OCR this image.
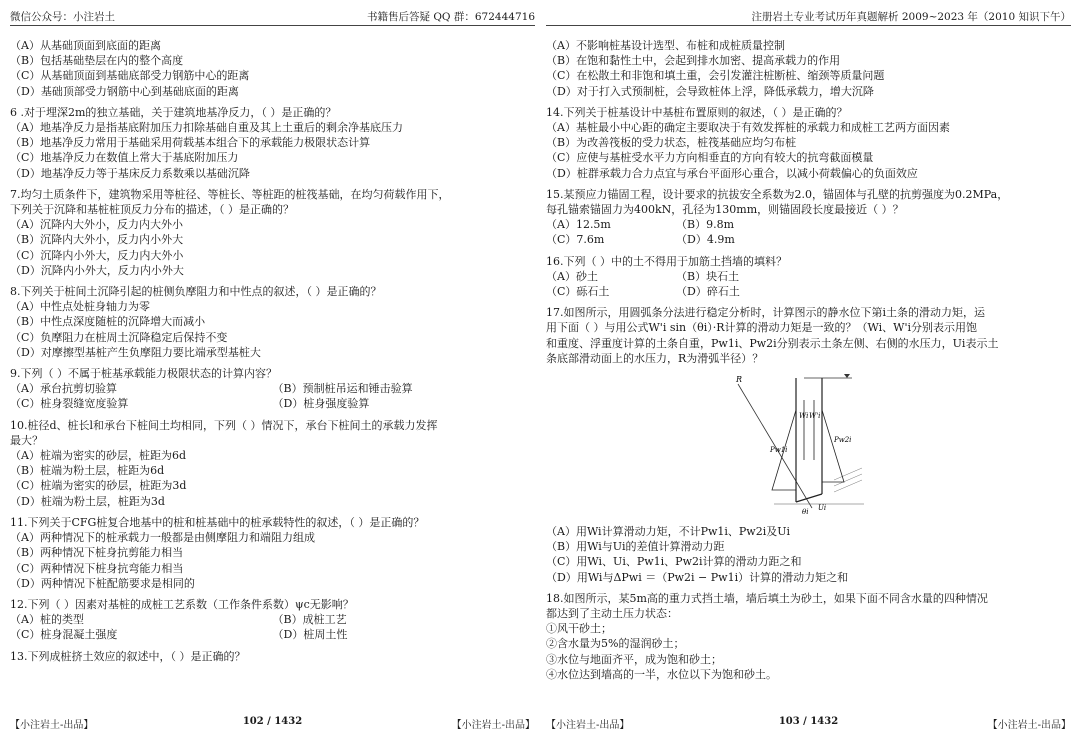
微信公众号：小注岩土	书籍售后答疑 QQ 群：672444716
（A）从基础顶面到底面的距离
（B）包括基础垫层在内的整个高度
（C）从基础顶面到基础底部受力钢筋中心的距离
（D）基础顶部受力钢筋中心到基础底面的距离
6 .对于埋深2m的独立基础，关于建筑地基净反力，（ ）是正确的？
（A）地基净反力是指基底附加压力扣除基础自重及其上土重后的剩余净基底压力
（B）地基净反力常用于基础采用荷载基本组合下的承载能力极限状态计算
（C）地基净反力在数值上常大于基底附加压力
（D）地基净反力等于基床反力系数乘以基础沉降
7.均匀土质条件下，建筑物采用等桩径、等桩长、等桩距的桩筏基础，在均匀荷载作用下，
下列关于沉降和基桩桩顶反力分布的描述，（ ）是正确的？
（A）沉降内大外小，反力内大外小
（B）沉降内大外小，反力内小外大
（C）沉降内小外大，反力内大外小
（D）沉降内小外大，反力内小外大
8.下列关于桩间土沉降引起的桩侧负摩阻力和中性点的叙述，（ ）是正确的？
（A）中性点处桩身轴力为零
（B）中性点深度随桩的沉降增大而减小
（C）负摩阻力在桩周土沉降稳定后保持不变
（D）对摩擦型基桩产生负摩阻力要比端承型基桩大
9.下列（ ）不属于桩基承载能力极限状态的计算内容？
（A）承台抗剪切验算	（B）预制桩吊运和锤击验算
（C）桩身裂缝宽度验算	（D）桩身强度验算
10.桩径d、桩长l和承台下桩间土均相同，下列（ ）情况下，承台下桩间土的承载力发挥
最大？
（A）桩端为密实的砂层，桩距为6d
（B）桩端为粉土层，桩距为6d
（C）桩端为密实的砂层，桩距为3d
（D）桩端为粉土层，桩距为3d
11.下列关于CFG桩复合地基中的桩和桩基础中的桩承载特性的叙述，（ ）是正确的？
（A）两种情况下的桩承载力一般都是由侧摩阻力和端阻力组成
（B）两种情况下桩身抗剪能力相当
（C）两种情况下桩身抗弯能力相当
（D）两种情况下桩配筋要求是相同的
12.下列（ ）因素对基桩的成桩工艺系数（工作条件系数）ψc无影响？
（A）桩的类型	（B）成桩工艺
（C）桩身混凝土强度	（D）桩周土性
13.下列成桩挤土效应的叙述中，（ ）是正确的？
【小注岩土-出品】	102 / 1432	【小注岩土-出品】
注册岩土专业考试历年真题解析 2009~2023 年（2010 知识下午）
（A）不影响桩基设计选型、布桩和成桩质量控制
（B）在饱和黏性土中，会起到排水加密、提高承载力的作用
（C）在松散土和非饱和填土重，会引发灌注桩断桩、缩颈等质量问题
（D）对于打入式预制桩，会导致桩体上浮，降低承载力，增大沉降
14.下列关于桩基设计中基桩布置原则的叙述，（ ）是正确的？
（A）基桩最小中心距的确定主要取决于有效发挥桩的承载力和成桩工艺两方面因素
（B）为改善筏板的受力状态，桩筏基础应均匀布桩
（C）应使与基桩受水平力方向相垂直的方向有较大的抗弯截面模量
（D）桩群承载力合力点宜与承台平面形心重合，以减小荷载偏心的负面效应
15.某预应力锚固工程，设计要求的抗拔安全系数为2.0，锚固体与孔壁的抗剪强度为0.2MPa，
每孔锚索锚固力为400kN，孔径为130mm，则锚固段长度最接近（ ）？
（A）12.5m	（B）9.8m
（C）7.6m	（D）4.9m
16.下列（ ）中的土不得用于加筋土挡墙的填料？
（A）砂土	（B）块石土
（C）砾石土	（D）碎石土
17.如图所示，用圆弧条分法进行稳定分析时，计算图示的静水位下第i土条的滑动力矩，运
用下面（ ）与用公式W'i sin（θi）·R计算的滑动力矩是一致的？（Wi、W'i分别表示用饱
和重度、浮重度计算的土条自重，Pw1i、Pw2i分别表示土条左侧、右侧的水压力，Ui表示土
条底部滑动面上的水压力，R为滑弧半径）？
R
Wi W'i
Pw1i
Pw2i
θi Ui
（A）用Wi计算滑动力矩，不计Pw1i、Pw2i及Ui
（B）用Wi与Ui的差值计算滑动力距
（C）用Wi、Ui、Pw1i、Pw2i计算的滑动力距之和
（D）用Wi与ΔPwi ＝（Pw2i − Pw1i）计算的滑动力矩之和
18.如图所示，某5m高的重力式挡土墙，墙后填土为砂土，如果下面不同含水量的四种情况
都达到了主动土压力状态：
①风干砂土；
②含水量为5%的湿润砂土；
③水位与地面齐平，成为饱和砂土；
④水位达到墙高的一半，水位以下为饱和砂土。
【小注岩土-出品】	103 / 1432	【小注岩土-出品】
